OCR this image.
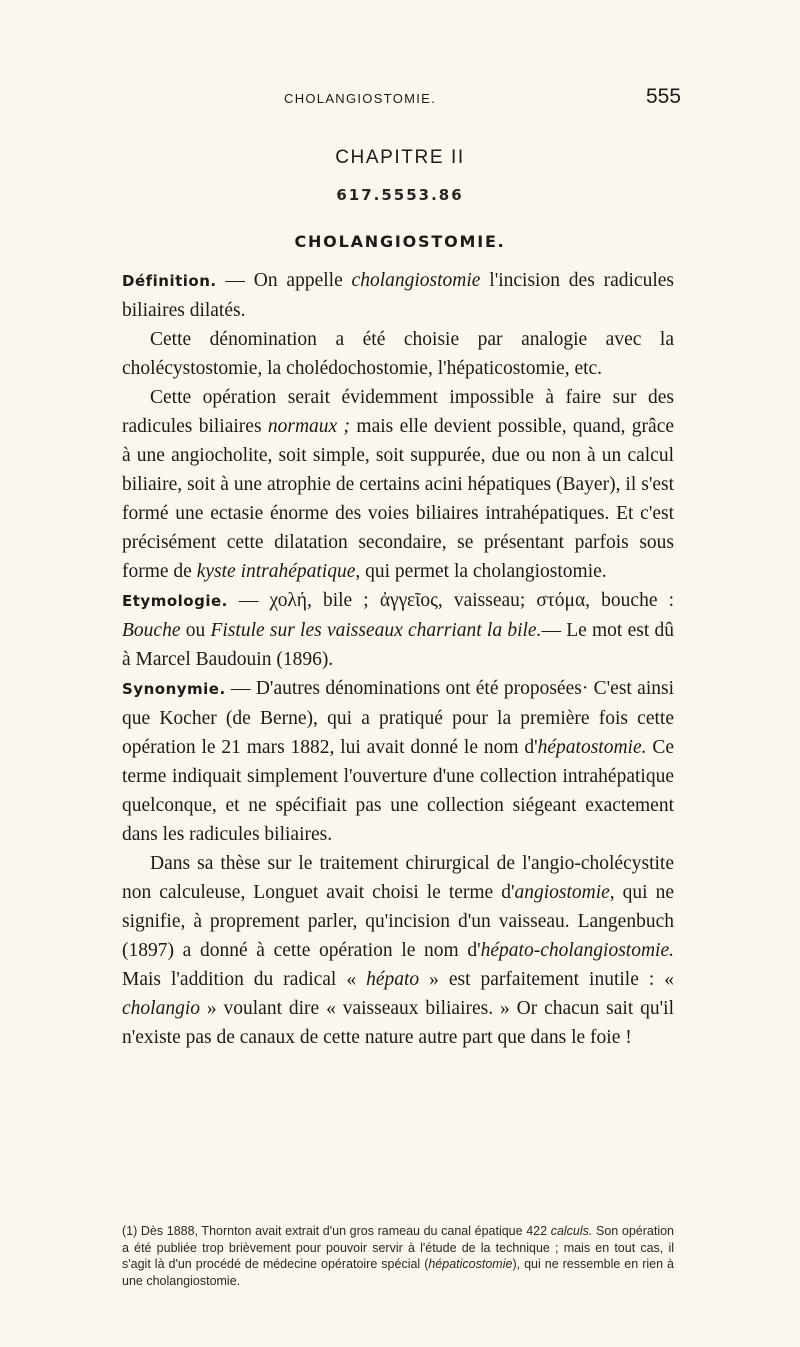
CHOLANGIOSTOMIE.	555
CHAPITRE II
617.5553.86
CHOLANGIOSTOMIE.

Définition. — On appelle cholangiostomie l'incision des radicules biliaires dilatés.

Cette dénomination a été choisie par analogie avec la cholécystostomie, la cholédochostomie, l'hépaticostomie, etc.

Cette opération serait évidemment impossible à faire sur des radicules biliaires normaux ; mais elle devient possible, quand, grâce à une angiocholite, soit simple, soit suppurée, due ou non à un calcul biliaire, soit à une atrophie de certains acini hépatiques (Bayer), il s'est formé une ectasie énorme des voies biliaires intrahépatiques. Et c'est précisément cette dilatation secondaire, se présentant parfois sous forme de kyste intrahépatique, qui permet la cholangiostomie.

Etymologie. — χολή, bile ; ἀγγεῖος, vaisseau; στόμα, bouche : Bouche ou Fistule sur les vaisseaux charriant la bile.— Le mot est dû à Marcel Baudouin (1896).

Synonymie. — D'autres dénominations ont été proposées· C'est ainsi que Kocher (de Berne), qui a pratiqué pour la première fois cette opération le 21 mars 1882, lui avait donné le nom d'hépatostomie. Ce terme indiquait simplement l'ouverture d'une collection intrahépatique quelconque, et ne spécifiait pas une collection siégeant exactement dans les radicules biliaires.

Dans sa thèse sur le traitement chirurgical de l'angio-cholécystite non calculeuse, Longuet avait choisi le terme d'angiostomie, qui ne signifie, à proprement parler, qu'incision d'un vaisseau. Langenbuch (1897) a donné à cette opération le nom d'hépato-cholangiostomie. Mais l'addition du radical « hépato » est parfaitement inutile : « cholangio » voulant dire « vaisseaux biliaires. » Or chacun sait qu'il n'existe pas de canaux de cette nature autre part que dans le foie !

(1) Dès 1888, Thornton avait extrait d'un gros rameau du canal épatique 422 calculs. Son opération a été publiée trop brièvement pour pouvoir servir à l'étude de la technique ; mais en tout cas, il s'agit là d'un procédé de médecine opératoire spécial (hépaticostomie), qui ne ressemble en rien à une cholangiostomie.
